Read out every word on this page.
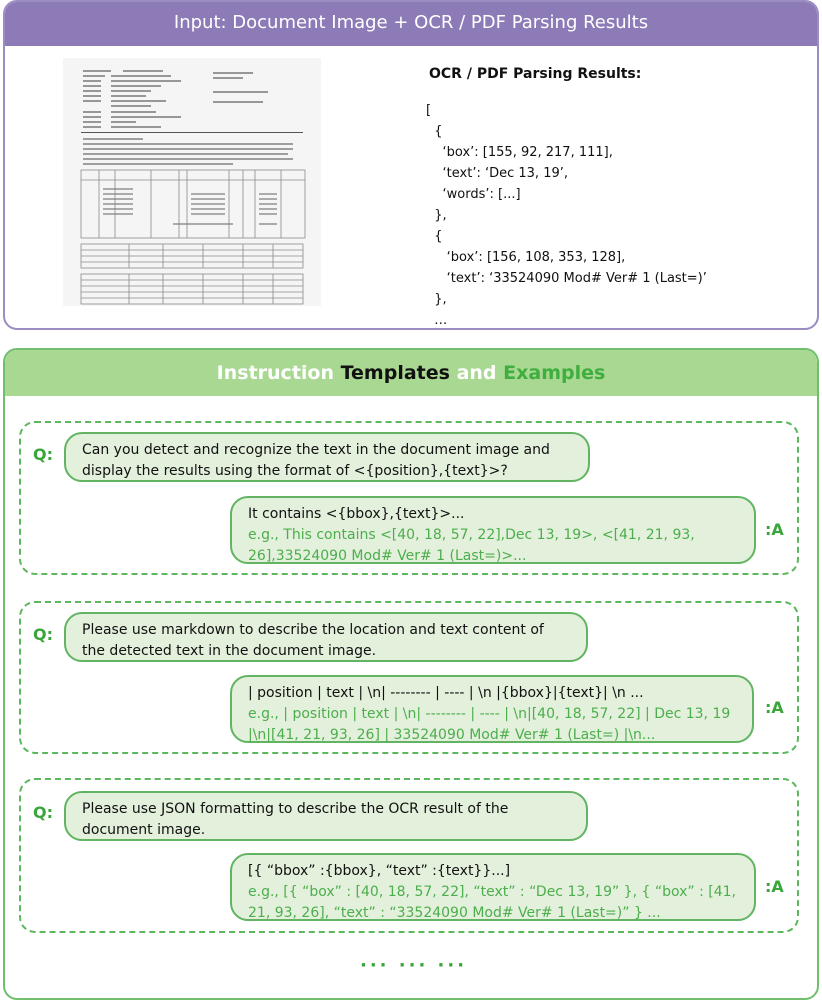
Input: Document Image + OCR / PDF Parsing Results
OCR / PDF Parsing Results:
[
{
‘box’: [155, 92, 217, 111],
‘text’: ‘Dec 13, 19’,
‘words’: [...]
},
{
‘box’: [156, 108, 353, 128],
‘text’: ‘33524090 Mod# Ver# 1 (Last=)’
},
…
Instruction Templates and Examples
Q:	Can you detect and recognize the text in the document image and display the results using the format of <{position},{text}>?
It contains <{bbox},{text}>...
e.g., This contains <[40, 18, 57, 22],Dec 13, 19>, <[41, 21, 93, 26],33524090 Mod# Ver# 1 (Last=)>...
:A
Q:	Please use markdown to describe the location and text content of the detected text in the document image.
| position | text | \n| -------- | ---- | \n |{bbox}|{text}| \n ...
e.g., | position | text | \n| -------- | ---- | \n|[40, 18, 57, 22] | Dec 13, 19 |\n|[41, 21, 93, 26] | 33524090 Mod# Ver# 1 (Last=) |\n...
:A
Q:	Please use JSON formatting to describe the OCR result of the document image.
[{ “bbox” :{bbox}, “text” :{text}}...]
e.g., [{ “box” : [40, 18, 57, 22], “text” : “Dec 13, 19” }, { “box” : [41, 21, 93, 26], “text” : “33524090 Mod# Ver# 1 (Last=)” } ...
:A
··· ··· ···
